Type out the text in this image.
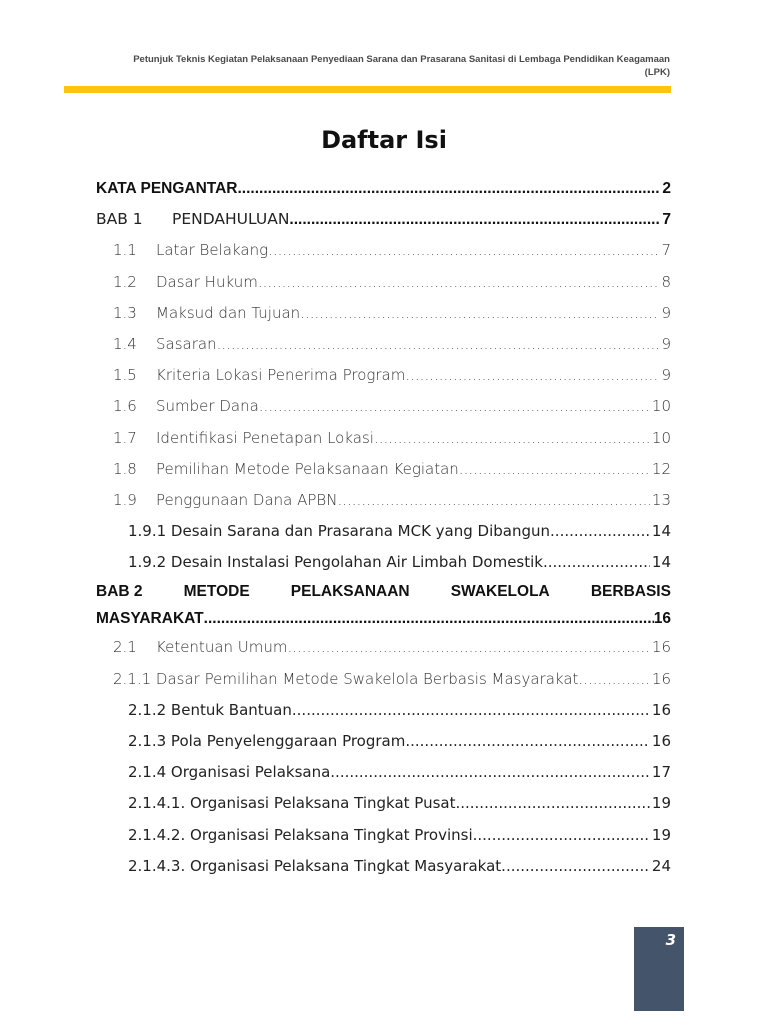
Petunjuk Teknis Kegiatan Pelaksanaan Penyediaan Sarana dan Prasarana Sanitasi di Lembaga Pendidikan Keagamaan
(LPK)
Daftar Isi
KATA PENGANTAR .....	2
BAB 1 PENDAHULUAN .....	7
1.1 Latar Belakang .....	7
1.2 Dasar Hukum .....	8
1.3 Maksud dan Tujuan .....	9
1.4 Sasaran .....	9
1.5 Kriteria Lokasi Penerima Program .....	9
1.6 Sumber Dana .....	10
1.7 Identifikasi Penetapan Lokasi .....	10
1.8 Pemilihan Metode Pelaksanaan Kegiatan .....	12
1.9 Penggunaan Dana APBN .....	13
1.9.1 Desain Sarana dan Prasarana MCK yang Dibangun .....	14
1.9.2 Desain Instalasi Pengolahan Air Limbah Domestik .....	14
BAB 2	METODE	PELAKSANAAN	SWAKELOLA	BERBASIS
MASYARAKAT .....	16
2.1 Ketentuan Umum .....	16
2.1.1 Dasar Pemilihan Metode Swakelola Berbasis Masyarakat .....	16
2.1.2 Bentuk Bantuan .....	16
2.1.3 Pola Penyelenggaraan Program .....	16
2.1.4 Organisasi Pelaksana .....	17
2.1.4.1. Organisasi Pelaksana Tingkat Pusat .....	19
2.1.4.2. Organisasi Pelaksana Tingkat Provinsi .....	19
2.1.4.3. Organisasi Pelaksana Tingkat Masyarakat .....	24
3
